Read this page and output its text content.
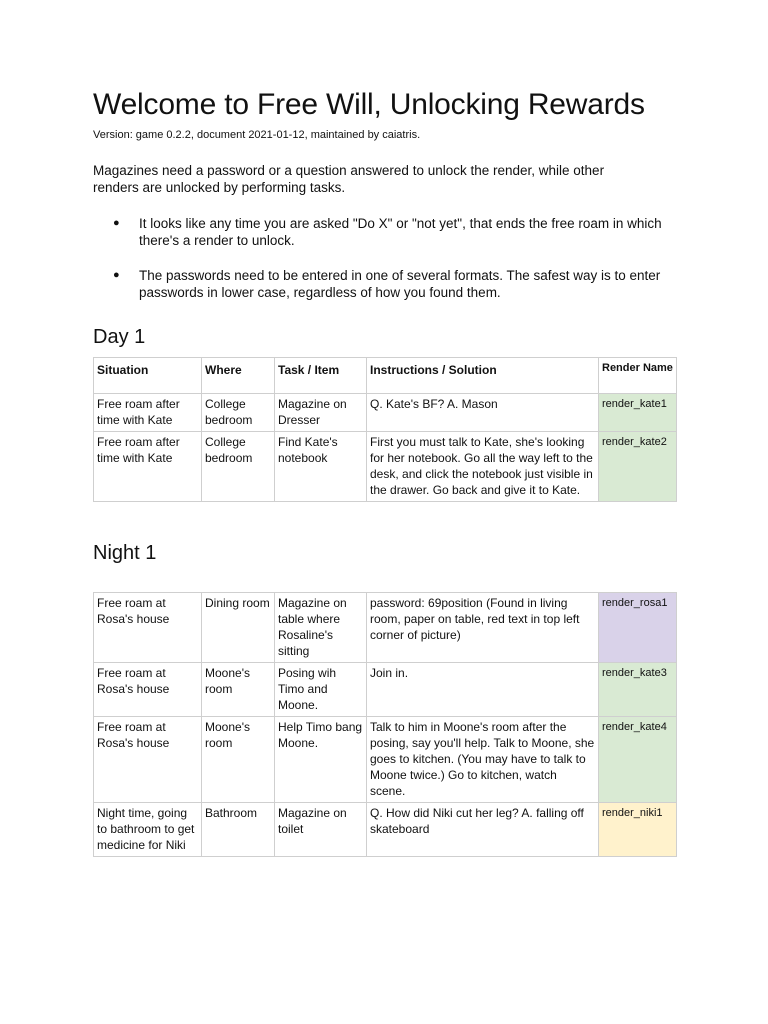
Welcome to Free Will, Unlocking Rewards
Version: game 0.2.2, document 2021-01-12, maintained by caiatris.

Magazines need a password or a question answered to unlock the render, while other renders are unlocked by performing tasks.

● It looks like any time you are asked "Do X" or "not yet", that ends the free roam in which there's a render to unlock.
● The passwords need to be entered in one of several formats. The safest way is to enter passwords in lower case, regardless of how you found them.
Day 1
Situation	Where	Task / Item	Instructions / Solution	Render Name
Free roam after time with Kate	College bedroom	Magazine on Dresser	Q. Kate's BF? A. Mason	render_kate1
Free roam after time with Kate	College bedroom	Find Kate's notebook	First you must talk to Kate, she's looking for her notebook. Go all the way left to the desk, and click the notebook just visible in the drawer. Go back and give it to Kate.	render_kate2
Night 1
Free roam at Rosa's house	Dining room	Magazine on table where Rosaline's sitting	password: 69position (Found in living room, paper on table, red text in top left corner of picture)	render_rosa1
Free roam at Rosa's house	Moone's room	Posing wih Timo and Moone.	Join in.	render_kate3
Free roam at Rosa's house	Moone's room	Help Timo bang Moone.	Talk to him in Moone's room after the posing, say you'll help. Talk to Moone, she goes to kitchen. (You may have to talk to Moone twice.) Go to kitchen, watch scene.	render_kate4
Night time, going to bathroom to get medicine for Niki	Bathroom	Magazine on toilet	Q. How did Niki cut her leg? A. falling off skateboard	render_niki1
